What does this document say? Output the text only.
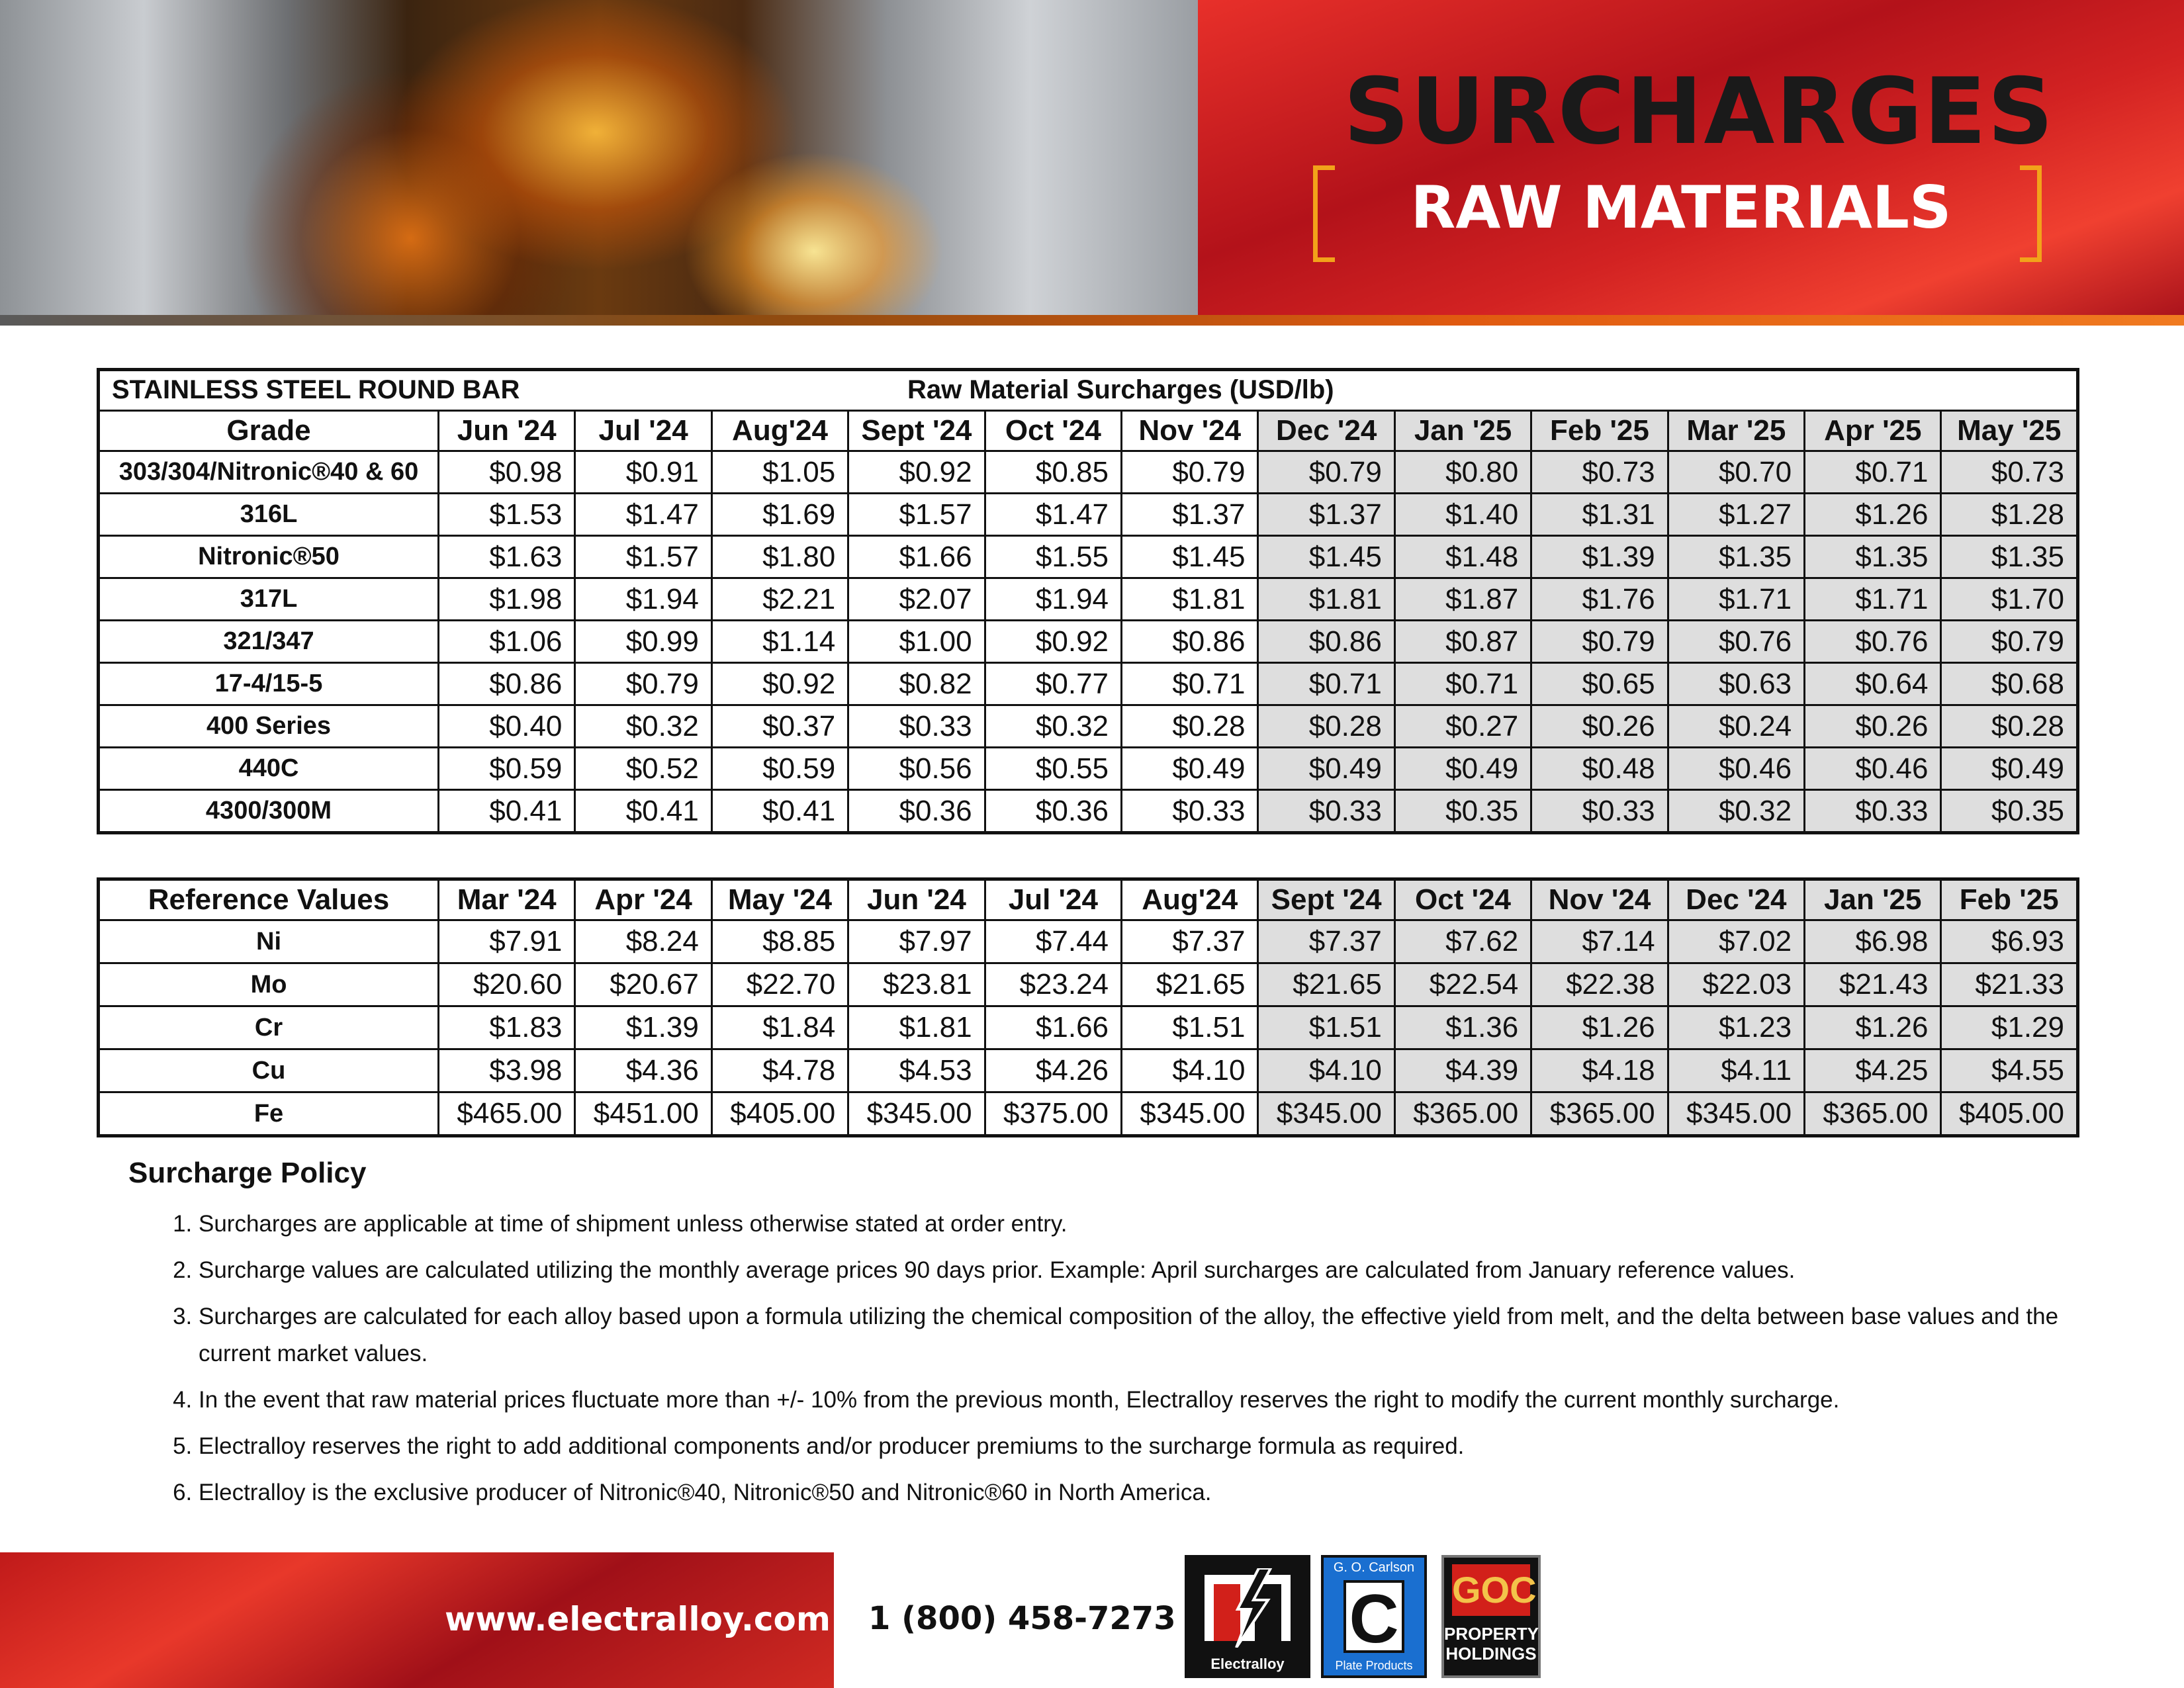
SURCHARGES
RAW MATERIALS
STAINLESS STEEL ROUND BAR Raw Material Surcharges (USD/lb)												

Grade	Jun '24	Jul '24	Aug'24	Sept '24	Oct '24	Nov '24	Dec '24	Jan '25	Feb '25	Mar '25	Apr '25	May '25
303/304/Nitronic®40 & 60	$0.98	$0.91	$1.05	$0.92	$0.85	$0.79	$0.79	$0.80	$0.73	$0.70	$0.71	$0.73
316L	$1.53	$1.47	$1.69	$1.57	$1.47	$1.37	$1.37	$1.40	$1.31	$1.27	$1.26	$1.28
Nitronic®50	$1.63	$1.57	$1.80	$1.66	$1.55	$1.45	$1.45	$1.48	$1.39	$1.35	$1.35	$1.35
317L	$1.98	$1.94	$2.21	$2.07	$1.94	$1.81	$1.81	$1.87	$1.76	$1.71	$1.71	$1.70
321/347	$1.06	$0.99	$1.14	$1.00	$0.92	$0.86	$0.86	$0.87	$0.79	$0.76	$0.76	$0.79
17-4/15-5	$0.86	$0.79	$0.92	$0.82	$0.77	$0.71	$0.71	$0.71	$0.65	$0.63	$0.64	$0.68
400 Series	$0.40	$0.32	$0.37	$0.33	$0.32	$0.28	$0.28	$0.27	$0.26	$0.24	$0.26	$0.28
440C	$0.59	$0.52	$0.59	$0.56	$0.55	$0.49	$0.49	$0.49	$0.48	$0.46	$0.46	$0.49
4300/300M	$0.41	$0.41	$0.41	$0.36	$0.36	$0.33	$0.33	$0.35	$0.33	$0.32	$0.33	$0.35
Reference Values	Mar '24	Apr '24	May '24	Jun '24	Jul '24	Aug'24	Sept '24	Oct '24	Nov '24	Dec '24	Jan '25	Feb '25
Ni	$7.91	$8.24	$8.85	$7.97	$7.44	$7.37	$7.37	$7.62	$7.14	$7.02	$6.98	$6.93
Mo	$20.60	$20.67	$22.70	$23.81	$23.24	$21.65	$21.65	$22.54	$22.38	$22.03	$21.43	$21.33
Cr	$1.83	$1.39	$1.84	$1.81	$1.66	$1.51	$1.51	$1.36	$1.26	$1.23	$1.26	$1.29
Cu	$3.98	$4.36	$4.78	$4.53	$4.26	$4.10	$4.10	$4.39	$4.18	$4.11	$4.25	$4.55
Fe	$465.00	$451.00	$405.00	$345.00	$375.00	$345.00	$345.00	$365.00	$365.00	$345.00	$365.00	$405.00
Surcharge Policy
1. Surcharges are applicable at time of shipment unless otherwise stated at order entry.
2. Surcharge values are calculated utilizing the monthly average prices 90 days prior. Example: April surcharges are calculated from January reference values.
3. Surcharges are calculated for each alloy based upon a formula utilizing the chemical composition of the alloy, the effective yield from melt, and the delta between base values and the current market values.
4. In the event that raw material prices fluctuate more than +/- 10% from the previous month, Electralloy reserves the right to modify the current monthly surcharge.
5. Electralloy reserves the right to add additional components and/or producer premiums to the surcharge formula as required.
6. Electralloy is the exclusive producer of Nitronic®40, Nitronic®50 and Nitronic®60 in North America.
www.electralloy.com 1 (800) 458-7273
Electralloy
G. O. Carlson
C
Plate Products
GOC
PROPERTY
HOLDINGS
